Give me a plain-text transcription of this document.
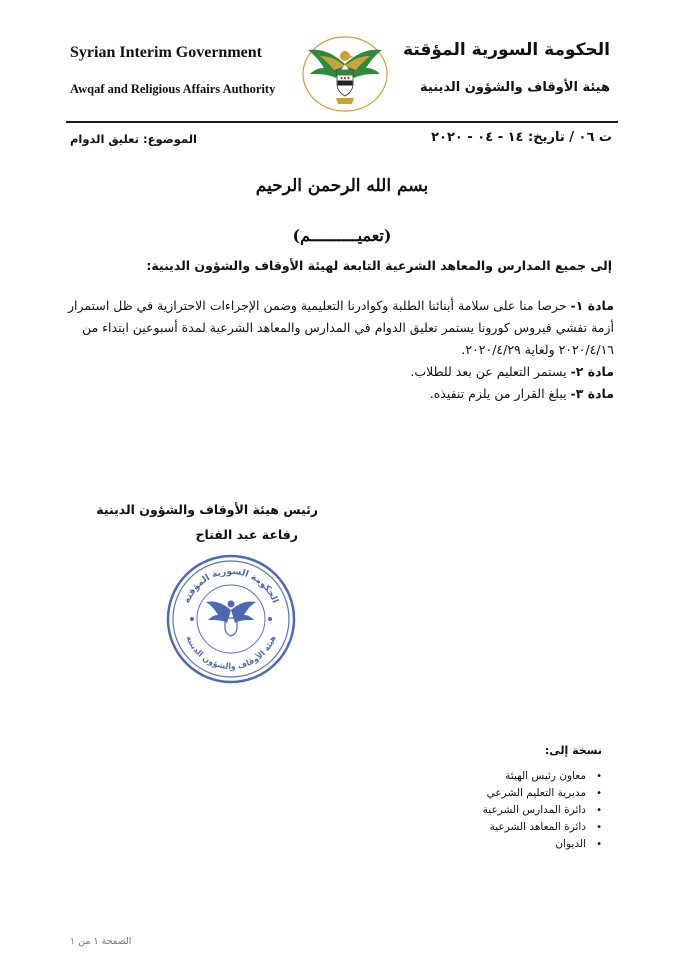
Syrian Interim Government
Awqaf and Religious Affairs Authority
الحكومة السورية المؤقتة
هيئة الأوقاف والشؤون الدينية
ت ٠٦ / تاريخ: ١٤ - ٠٤ - ٢٠٢٠
الموضوع: تعليق الدوام
بسم الله الرحمن الرحيم
(تعميــــــــــم)
إلى جميع المدارس والمعاهد الشرعية التابعة لهيئة الأوقاف والشؤون الدينية:

مادة ١- حرصا منا على سلامة أبنائنا الطلبة وكوادرنا التعليمية وضمن الإجراءات الاحترازية في ظل استمرار أزمة تفشي فيروس كورونا يستمر تعليق الدوام في المدارس والمعاهد الشرعية لمدة أسبوعين ابتداء من ٢٠٢٠/٤/١٦ ولغاية ٢٠٢٠/٤/٢٩.

مادة ٢- يستمر التعليم عن بعد للطلاب.

مادة ٣- يبلغ القرار من يلزم تنفيذه.

رئيس هيئة الأوقاف والشؤون الدينية
رفاعة عبد الفتاح
الحكومة السورية المؤقتة
هيئة الأوقاف والشؤون الدينية
نسخة إلى:
• معاون رئيس الهيئة
• مديرية التعليم الشرعي
• دائرة المدارس الشرعية
• دائرة المعاهد الشرعية
• الديوان
الصفحة ١ من ١
